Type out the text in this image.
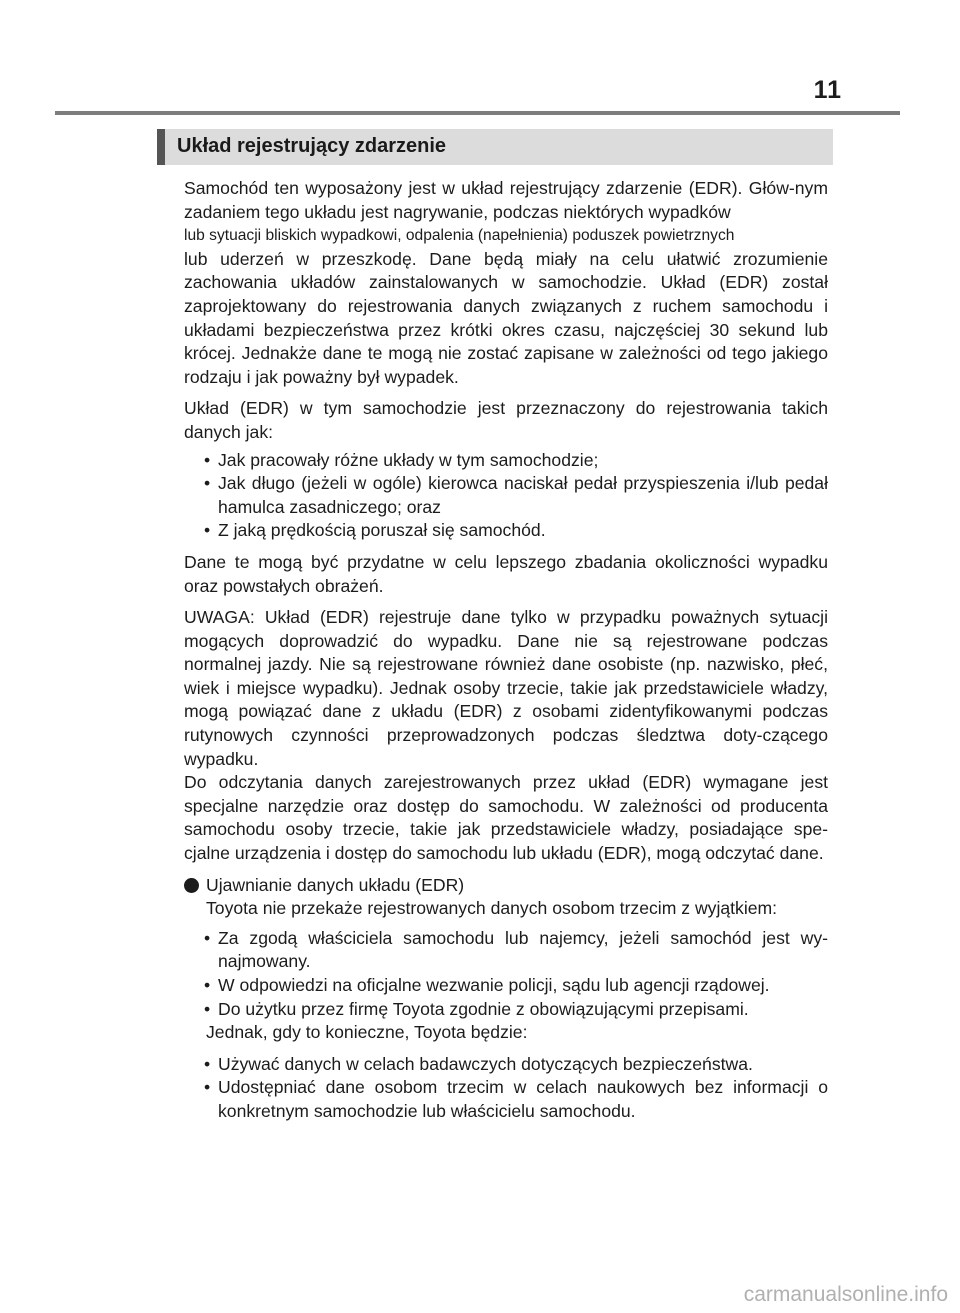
11
Układ rejestrujący zdarzenie

Samochód ten wyposażony jest w układ rejestrujący zdarzenie (EDR). Głów-nym zadaniem tego układu jest nagrywanie, podczas niektórych wypadków

lub sytuacji bliskich wypadkowi, odpalenia (napełnienia) poduszek powietrznych

lub uderzeń w przeszkodę. Dane będą miały na celu ułatwić zrozumienie zachowania układów zainstalowanych w samochodzie. Układ (EDR) został zaprojektowany do rejestrowania danych związanych z ruchem samochodu i układami bezpieczeństwa przez krótki okres czasu, najczęściej 30 sekund lub krócej. Jednakże dane te mogą nie zostać zapisane w zależności od tego jakiego rodzaju i jak poważny był wypadek.

Układ (EDR) w tym samochodzie jest przeznaczony do rejestrowania takich danych jak:

• Jak pracowały różne układy w tym samochodzie;
• Jak długo (jeżeli w ogóle) kierowca naciskał pedał przyspieszenia i/lub pedał hamulca zasadniczego; oraz
• Z jaką prędkością poruszał się samochód.

Dane te mogą być przydatne w celu lepszego zbadania okoliczności wypadku oraz powstałych obrażeń.

UWAGA: Układ (EDR) rejestruje dane tylko w przypadku poważnych sytuacji mogących doprowadzić do wypadku. Dane nie są rejestrowane podczas normalnej jazdy. Nie są rejestrowane również dane osobiste (np. nazwisko, płeć, wiek i miejsce wypadku). Jednak osoby trzecie, takie jak przedstawiciele władzy, mogą powiązać dane z układu (EDR) z osobami zidentyfikowanymi podczas rutynowych czynności przeprowadzonych podczas śledztwa doty-czącego wypadku.

Do odczytania danych zarejestrowanych przez układ (EDR) wymagane jest specjalne narzędzie oraz dostęp do samochodu. W zależności od producenta samochodu osoby trzecie, takie jak przedstawiciele władzy, posiadające spe-cjalne urządzenia i dostęp do samochodu lub układu (EDR), mogą odczytać dane.

Ujawnianie danych układu (EDR)

Toyota nie przekaże rejestrowanych danych osobom trzecim z wyjątkiem:

• Za zgodą właściciela samochodu lub najemcy, jeżeli samochód jest wy-najmowany.
• W odpowiedzi na oficjalne wezwanie policji, sądu lub agencji rządowej.
• Do użytku przez firmę Toyota zgodnie z obowiązującymi przepisami.

Jednak, gdy to konieczne, Toyota będzie:

• Używać danych w celach badawczych dotyczących bezpieczeństwa.
• Udostępniać dane osobom trzecim w celach naukowych bez informacji o konkretnym samochodzie lub właścicielu samochodu.
carmanualsonline.info
